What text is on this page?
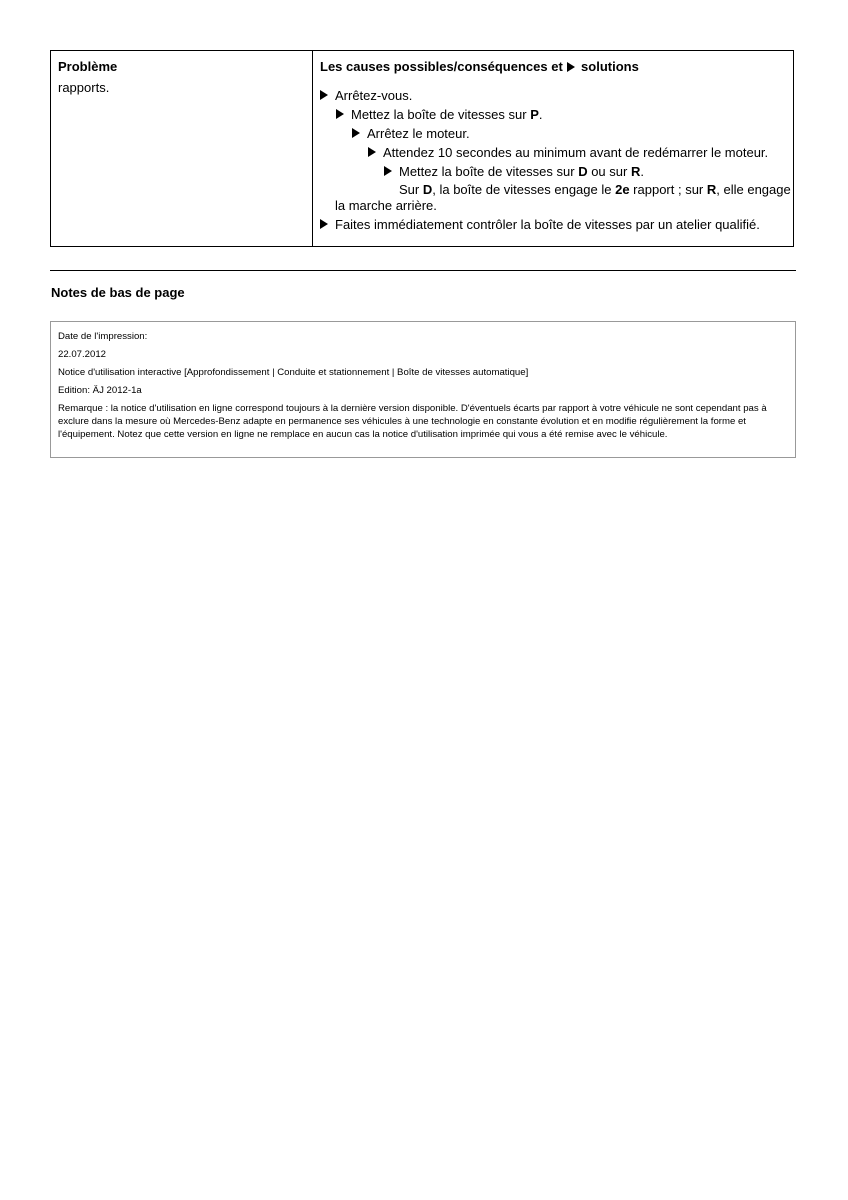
Problème
rapports.
Les causes possibles/conséquences et solutions
Arrêtez-vous.
Mettez la boîte de vitesses sur P.
Arrêtez le moteur.
Attendez 10 secondes au minimum avant de redémarrer le moteur.
Mettez la boîte de vitesses sur D ou sur R.
Sur D, la boîte de vitesses engage le 2e rapport ; sur R, elle engage
la marche arrière.
Faites immédiatement contrôler la boîte de vitesses par un atelier qualifié.
Notes de bas de page
Date de l'impression:
22.07.2012
Notice d'utilisation interactive [Approfondissement | Conduite et stationnement | Boîte de vitesses automatique]
Edition: ÄJ 2012-1a
Remarque : la notice d'utilisation en ligne correspond toujours à la dernière version disponible. D'éventuels écarts par rapport à votre véhicule ne sont cependant pas à exclure dans la mesure où Mercedes-Benz adapte en permanence ses véhicules à une technologie en constante évolution et en modifie régulièrement la forme et l'équipement. Notez que cette version en ligne ne remplace en aucun cas la notice d'utilisation imprimée qui vous a été remise avec le véhicule.
